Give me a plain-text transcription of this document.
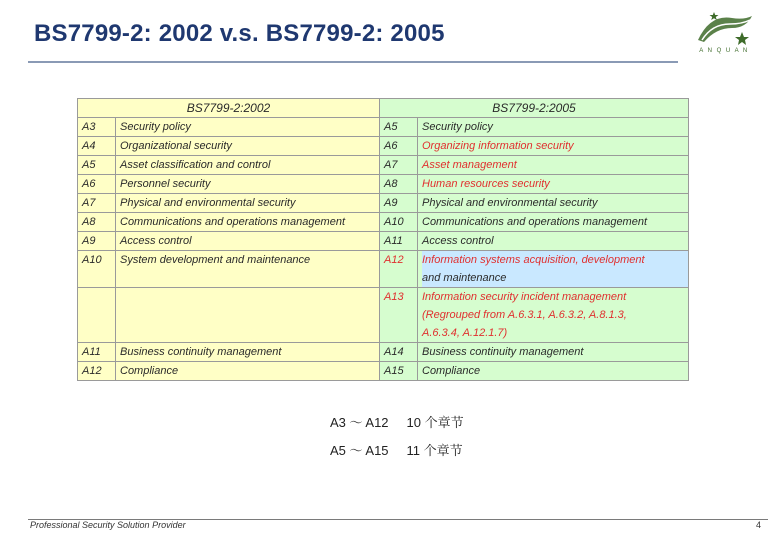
BS7799-2: 2002 v.s. BS7799-2: 2005
A N Q U A N
BS7799-2:2002		BS7799-2:2005	
A3	Security policy	A5	Security policy
A4	Organizational security	A6	Organizing information security
A5	Asset classification and control	A7	Asset management
A6	Personnel security	A8	Human resources security
A7	Physical and environmental security	A9	Physical and environmental security
A8	Communications and operations management	A10	Communications and operations management
A9	Access control	A11	Access control
A10	System development and maintenance	A12	Information systems acquisition, development
and maintenance

		A13	Information security incident management
(Regrouped from A.6.3.1, A.6.3.2, A.8.1.3,
A.6.3.4, A.12.1.7)

A11	Business continuity management	A14	Business continuity management
A12	Compliance	A15	Compliance
A3 ～ A12 10 个章节
A5 ～ A15 11 个章节
Professional Security Solution Provider	4
